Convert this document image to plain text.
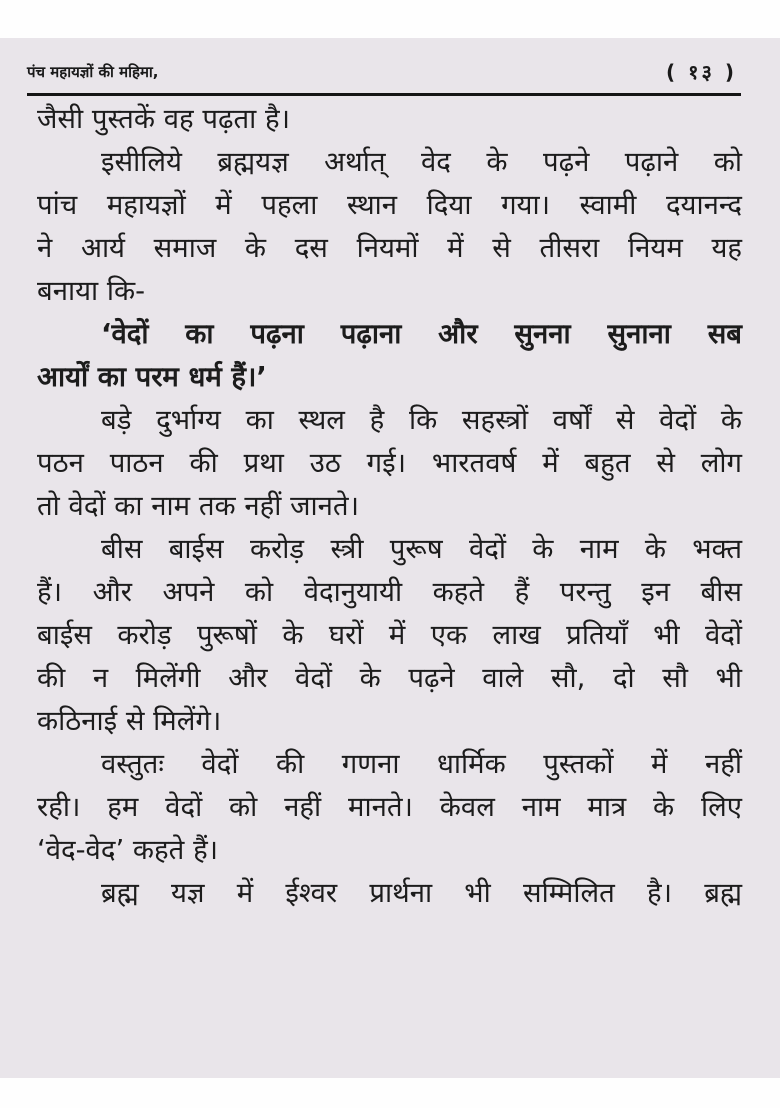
पंच महायज्ञों की महिमा,	( १३ )
जैसी पुस्तकें वह पढ़ता है।
इसीलिये ब्रह्मयज्ञ अर्थात् वेद के पढ़ने पढ़ाने को
पांच महायज्ञों में पहला स्थान दिया गया। स्वामी दयानन्द
ने आर्य समाज के दस नियमों में से तीसरा नियम यह
बनाया कि-
‘वेदों का पढ़ना पढ़ाना और सुनना सुनाना सब
आर्यों का परम धर्म हैं।’
बड़े दुर्भाग्य का स्थल है कि सहस्त्रों वर्षों से वेदों के
पठन पाठन की प्रथा उठ गई। भारतवर्ष में बहुत से लोग
तो वेदों का नाम तक नहीं जानते।
बीस बाईस करोड़ स्त्री पुरूष वेदों के नाम के भक्त
हैं। और अपने को वेदानुयायी कहते हैं परन्तु इन बीस
बाईस करोड़ पुरूषों के घरों में एक लाख प्रतियाँ भी वेदों
की न मिलेंगी और वेदों के पढ़ने वाले सौ, दो सौ भी
कठिनाई से मिलेंगे।
वस्तुतः वेदों की गणना धार्मिक पुस्तकों में नहीं
रही। हम वेदों को नहीं मानते। केवल नाम मात्र के लिए
‘वेद-वेद’ कहते हैं।
ब्रह्म यज्ञ में ईश्वर प्रार्थना भी सम्मिलित है। ब्रह्म
